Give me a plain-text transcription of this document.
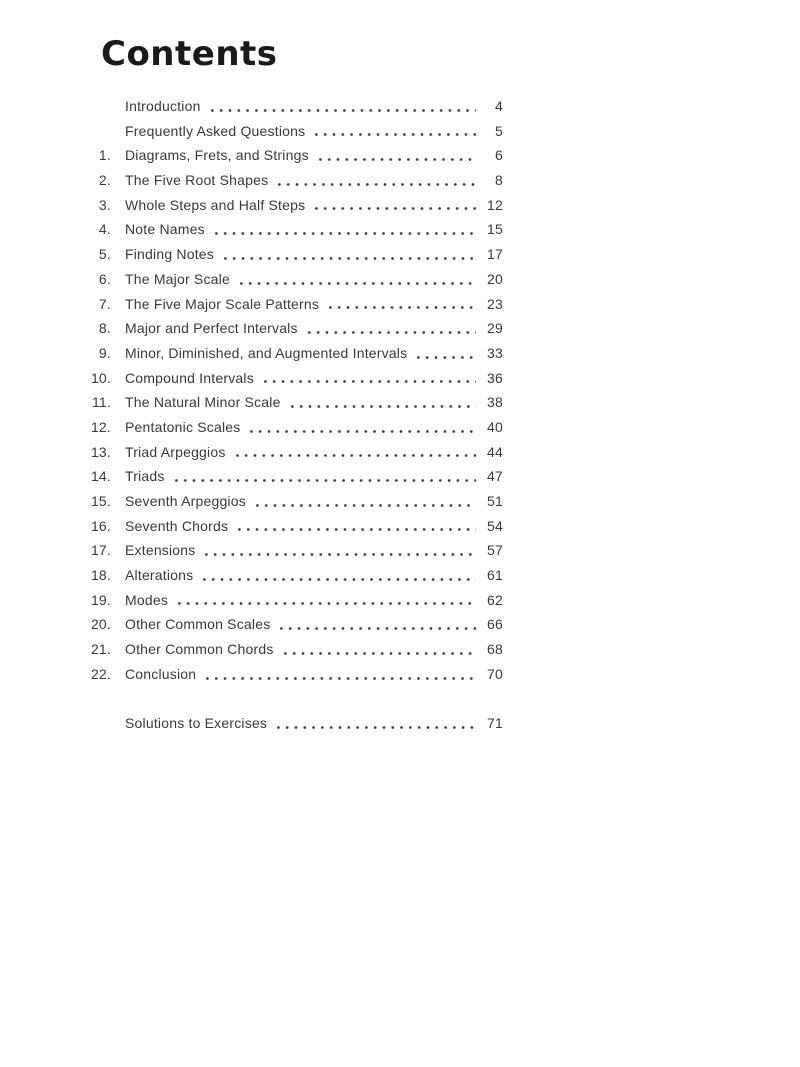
Contents
Introduction	4
Frequently Asked Questions	5
1. Diagrams, Frets, and Strings	6
2. The Five Root Shapes	8
3. Whole Steps and Half Steps	12
4. Note Names	15
5. Finding Notes	17
6. The Major Scale	20
7. The Five Major Scale Patterns	23
8. Major and Perfect Intervals	29
9. Minor, Diminished, and Augmented Intervals	33
10. Compound Intervals	36
11. The Natural Minor Scale	38
12. Pentatonic Scales	40
13. Triad Arpeggios	44
14. Triads	47
15. Seventh Arpeggios	51
16. Seventh Chords	54
17. Extensions	57
18. Alterations	61
19. Modes	62
20. Other Common Scales	66
21. Other Common Chords	68
22. Conclusion	70
Solutions to Exercises	71
